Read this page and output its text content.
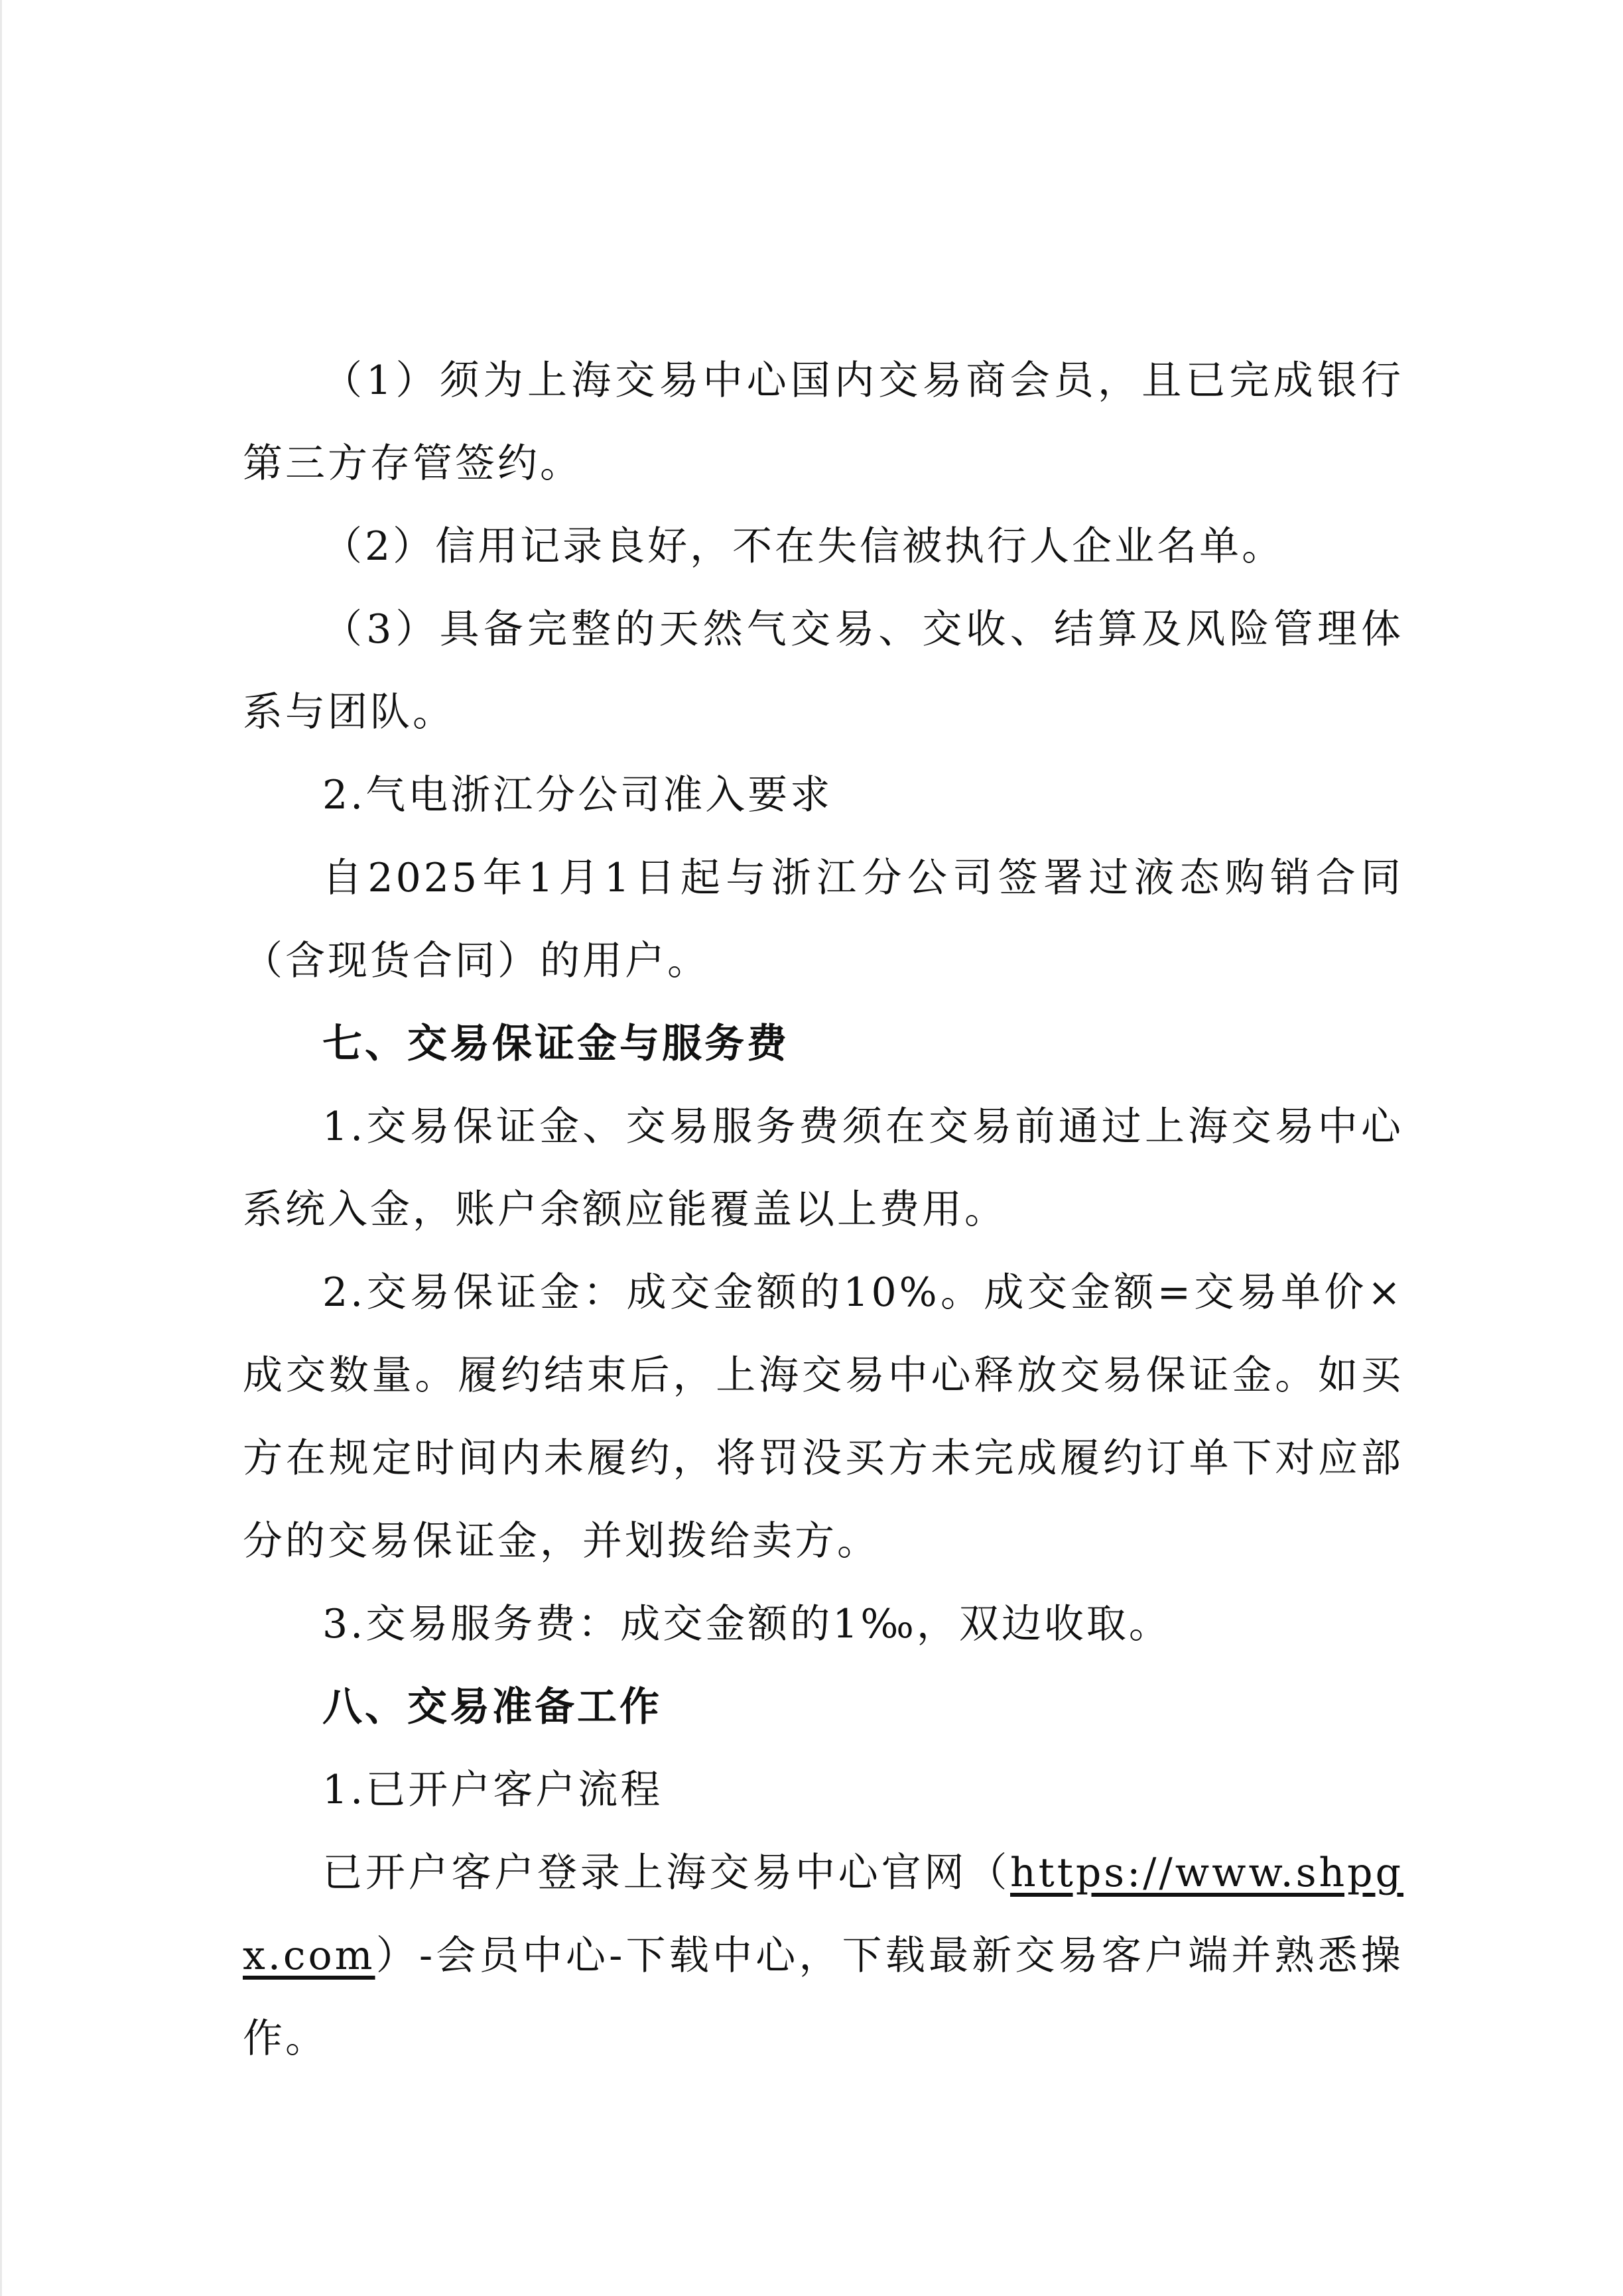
（1）须为上海交易中心国内交易商会员，且已完成银行第三方存管签约。

（2）信用记录良好，不在失信被执行人企业名单。

（3）具备完整的天然气交易、交收、结算及风险管理体系与团队。

2.气电浙江分公司准入要求

自2025年1月1日起与浙江分公司签署过液态购销合同（含现货合同）的用户。

七、交易保证金与服务费

1.交易保证金、交易服务费须在交易前通过上海交易中心系统入金，账户余额应能覆盖以上费用。

2.交易保证金：成交金额的10%。成交金额=交易单价×成交数量。履约结束后，上海交易中心释放交易保证金。如买方在规定时间内未履约，将罚没买方未完成履约订单下对应部分的交易保证金，并划拨给卖方。

3.交易服务费：成交金额的1‰，双边收取。

八、交易准备工作

1.已开户客户流程

已开户客户登录上海交易中心官网（https://www.shpgx.com）-会员中心-下载中心，下载最新交易客户端并熟悉操作。
